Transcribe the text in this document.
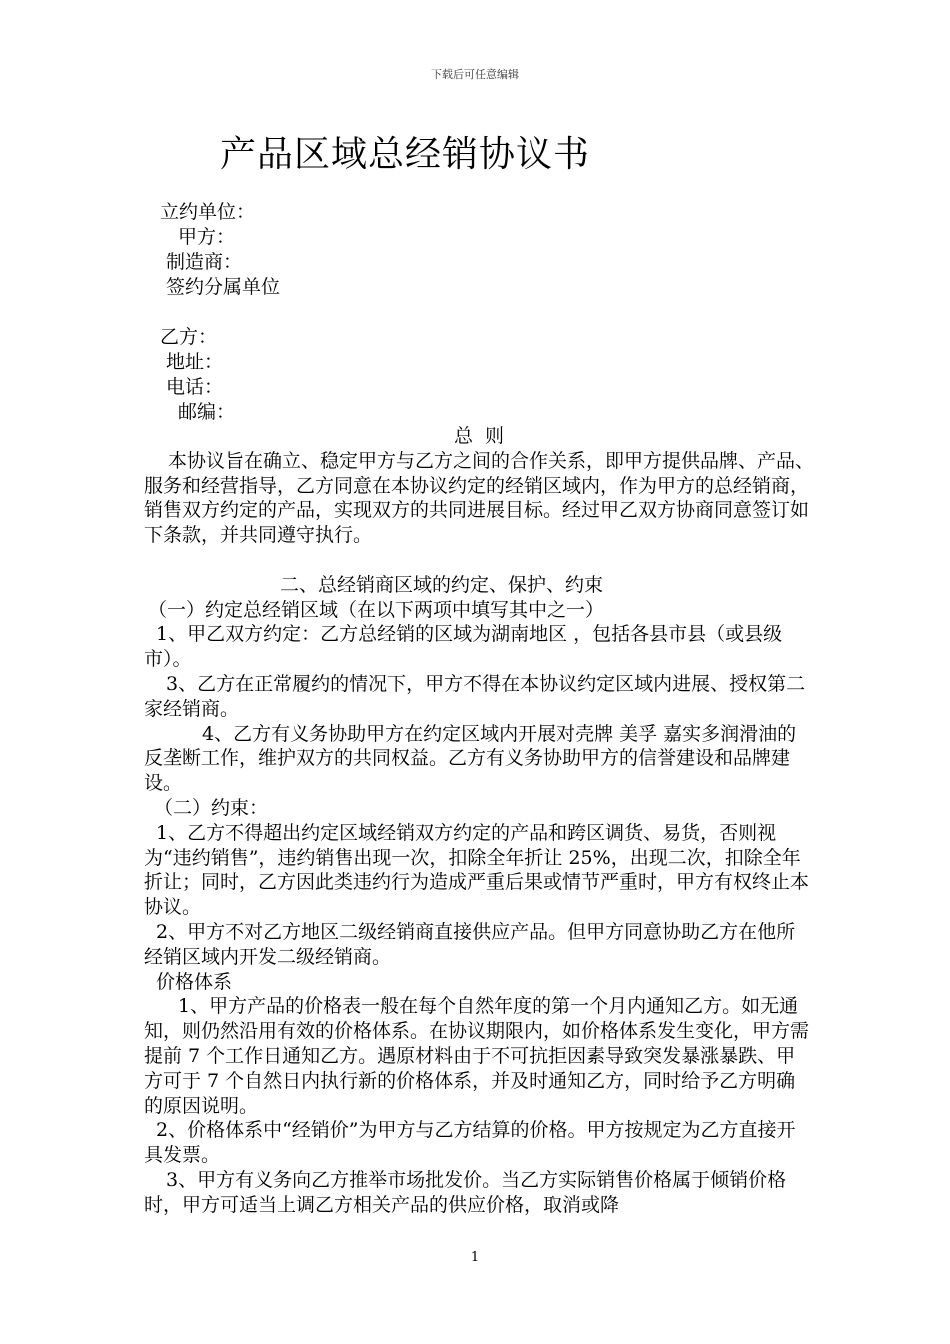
下载后可任意编辑
产品区域总经销协议书
立约单位：
甲方：
制造商：
签约分属单位
乙方：
地址：
电话：
邮编：

总  则

本协议旨在确立、稳定甲方与乙方之间的合作关系，即甲方提供品牌、产品、服务和经营指导，乙方同意在本协议约定的经销区域内，作为甲方的总经销商，销售双方约定的产品，实现双方的共同进展目标。经过甲乙双方协商同意签订如下条款，并共同遵守执行。

二、总经销商区域的约定、保护、约束

（一）约定总经销区域（在以下两项中填写其中之一）

1、甲乙双方约定：乙方总经销的区域为湖南地区 ，包括各县市县（或县级市）。

3、乙方在正常履约的情况下，甲方不得在本协议约定区域内进展、授权第二家经销商。

4、乙方有义务协助甲方在约定区域内开展对壳牌 美孚 嘉实多润滑油的反垄断工作，维护双方的共同权益。乙方有义务协助甲方的信誉建设和品牌建设。

（二）约束：

1、乙方不得超出约定区域经销双方约定的产品和跨区调货、易货，否则视为“违约销售”，违约销售出现一次，扣除全年折让 25%，出现二次，扣除全年折让；同时，乙方因此类违约行为造成严重后果或情节严重时，甲方有权终止本协议。

2、甲方不对乙方地区二级经销商直接供应产品。但甲方同意协助乙方在他所经销区域内开发二级经销商。

价格体系

1、甲方产品的价格表一般在每个自然年度的第一个月内通知乙方。如无通知，则仍然沿用有效的价格体系。在协议期限内，如价格体系发生变化，甲方需提前 7 个工作日通知乙方。遇原材料由于不可抗拒因素导致突发暴涨暴跌、甲方可于 7 个自然日内执行新的价格体系，并及时通知乙方，同时给予乙方明确的原因说明。

2、价格体系中“经销价”为甲方与乙方结算的价格。甲方按规定为乙方直接开具发票。

3、甲方有义务向乙方推举市场批发价。当乙方实际销售价格属于倾销价格时，甲方可适当上调乙方相关产品的供应价格，取消或降

1
